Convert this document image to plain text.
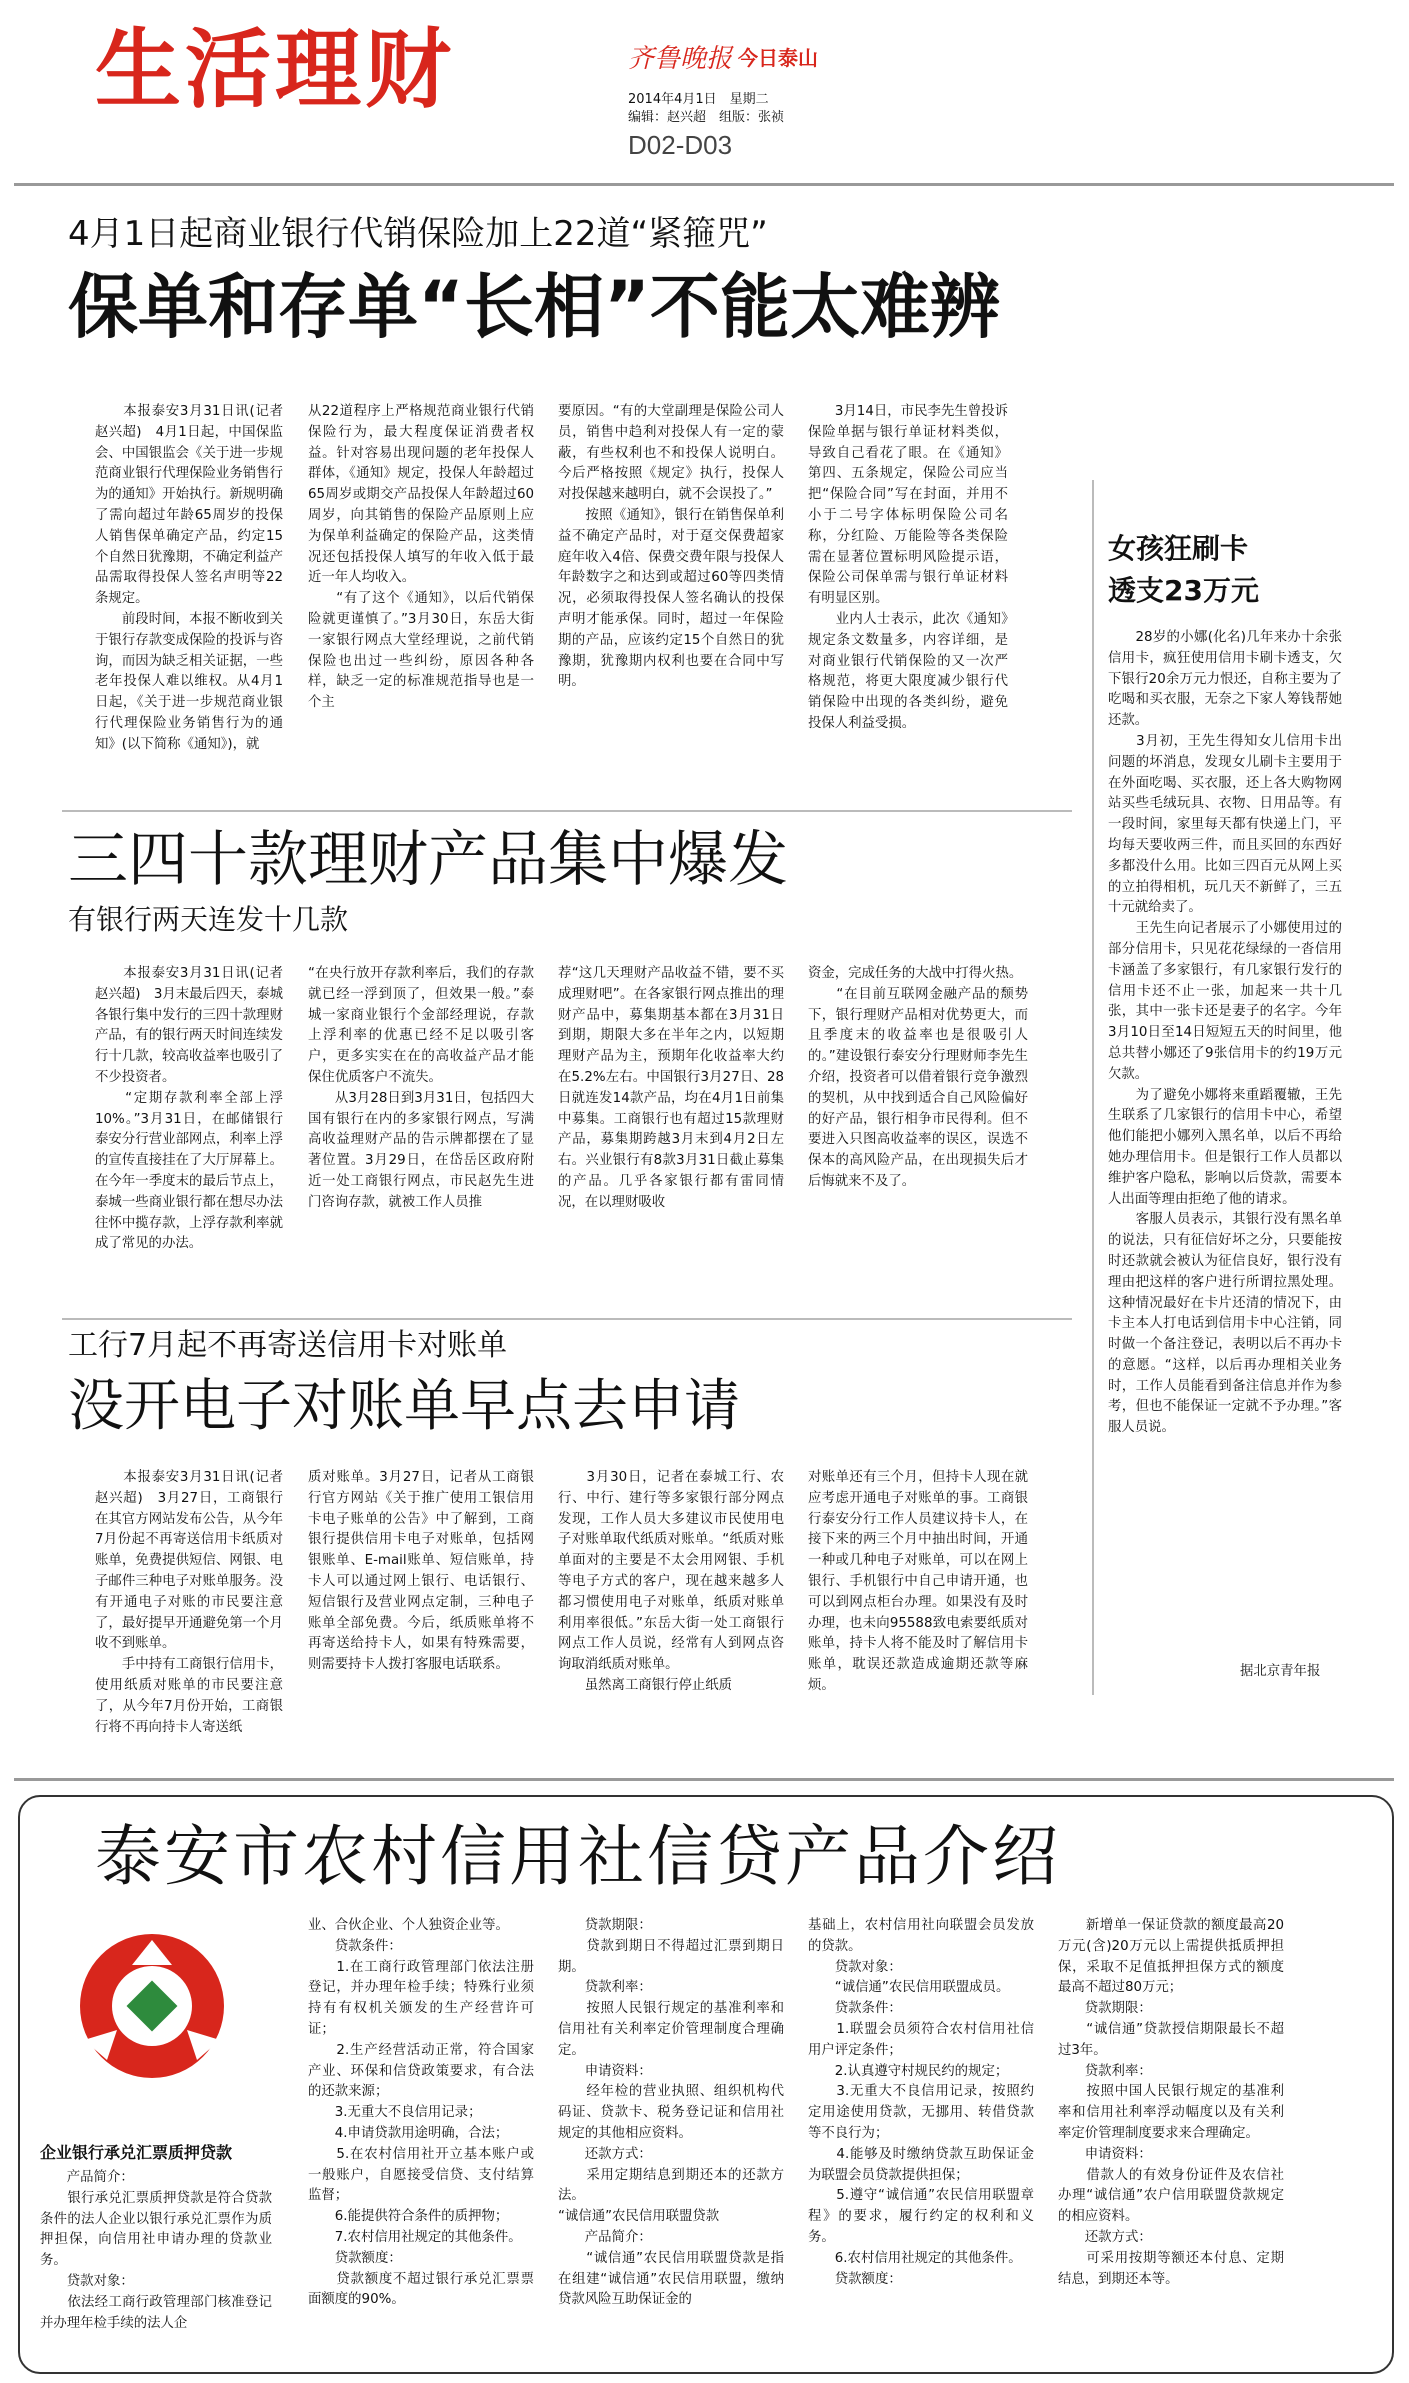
生活理财	齐鲁晚报 今日泰山
2014年4月1日　星期二
编辑：赵兴超　组版：张祯
D02-D03
4月1日起商业银行代销保险加上22道“紧箍咒”
保单和存单“长相”不能太难辨

　　本报泰安3月31日讯(记者 赵兴超)　4月1日起，中国保监会、中国银监会《关于进一步规范商业银行代理保险业务销售行为的通知》开始执行。新规明确了需向超过年龄65周岁的投保人销售保单确定产品，约定15个自然日犹豫期，不确定利益产品需取得投保人签名声明等22条规定。
　　前段时间，本报不断收到关于银行存款变成保险的投诉与咨询，而因为缺乏相关证据，一些老年投保人难以维权。从4月1日起，《关于进一步规范商业银行代理保险业务销售行为的通知》(以下简称《通知》)，就

从22道程序上严格规范商业银行代销保险行为，最大程度保证消费者权益。针对容易出现问题的老年投保人群体，《通知》规定，投保人年龄超过65周岁或期交产品投保人年龄超过60周岁，向其销售的保险产品原则上应为保单利益确定的保险产品，这类情况还包括投保人填写的年收入低于最近一年人均收入。
　　“有了这个《通知》，以后代销保险就更谨慎了。”3月30日，东岳大街一家银行网点大堂经理说，之前代销保险也出过一些纠纷，原因各种各样，缺乏一定的标准规范指导也是一个主

要原因。“有的大堂副理是保险公司人员，销售中趋利对投保人有一定的蒙蔽，有些权利也不和投保人说明白。今后严格按照《规定》执行，投保人对投保越来越明白，就不会误投了。”
　　按照《通知》，银行在销售保单利益不确定产品时，对于趸交保费超家庭年收入4倍、保费交费年限与投保人年龄数字之和达到或超过60等四类情况，必须取得投保人签名确认的投保声明才能承保。同时，超过一年保险期的产品，应该约定15个自然日的犹豫期，犹豫期内权利也要在合同中写明。

　　3月14日，市民李先生曾投诉保险单据与银行单证材料类似，导致自己看花了眼。在《通知》第四、五条规定，保险公司应当把“保险合同”写在封面，并用不小于二号字体标明保险公司名称，分红险、万能险等各类保险需在显著位置标明风险提示语，保险公司保单需与银行单证材料有明显区别。
　　业内人士表示，此次《通知》规定条文数量多，内容详细，是对商业银行代销保险的又一次严格规范，将更大限度减少银行代销保险中出现的各类纠纷，避免投保人利益受损。

女孩狂刷卡
透支23万元

　　28岁的小娜(化名)几年来办十余张信用卡，疯狂使用信用卡刷卡透支，欠下银行20余万元力恨还，自称主要为了吃喝和买衣服，无奈之下家人筹钱帮她还款。
　　3月初，王先生得知女儿信用卡出问题的坏消息，发现女儿刷卡主要用于在外面吃喝、买衣服，还上各大购物网站买些毛绒玩具、衣物、日用品等。有一段时间，家里每天都有快递上门，平均每天要收两三件，而且买回的东西好多都没什么用。比如三四百元从网上买的立拍得相机，玩几天不新鲜了，三五十元就给卖了。
　　王先生向记者展示了小娜使用过的部分信用卡，只见花花绿绿的一沓信用卡涵盖了多家银行，有几家银行发行的信用卡还不止一张，加起来一共十几张，其中一张卡还是妻子的名字。今年3月10日至14日短短五天的时间里，他总共替小娜还了9张信用卡的约19万元欠款。
　　为了避免小娜将来重蹈覆辙，王先生联系了几家银行的信用卡中心，希望他们能把小娜列入黑名单，以后不再给她办理信用卡。但是银行工作人员都以维护客户隐私，影响以后贷款，需要本人出面等理由拒绝了他的请求。
　　客服人员表示，其银行没有黑名单的说法，只有征信好坏之分，只要能按时还款就会被认为征信良好，银行没有理由把这样的客户进行所谓拉黑处理。这种情况最好在卡片还清的情况下，由卡主本人打电话到信用卡中心注销，同时做一个备注登记，表明以后不再办卡的意愿。“这样，以后再办理相关业务时，工作人员能看到备注信息并作为参考，但也不能保证一定就不予办理。”客服人员说。

据北京青年报
三四十款理财产品集中爆发
有银行两天连发十几款

　　本报泰安3月31日讯(记者 赵兴超)　3月末最后四天，泰城各银行集中发行的三四十款理财产品，有的银行两天时间连续发行十几款，较高收益率也吸引了不少投资者。
　　“定期存款利率全部上浮10%。”3月31日，在邮储银行泰安分行营业部网点，利率上浮的宣传直接挂在了大厅屏幕上。在今年一季度末的最后节点上，泰城一些商业银行都在想尽办法往怀中揽存款，上浮存款利率就成了常见的办法。

“在央行放开存款利率后，我们的存款就已经一浮到顶了，但效果一般。”泰城一家商业银行个金部经理说，存款上浮利率的优惠已经不足以吸引客户，更多实实在在的高收益产品才能保住优质客户不流失。
　　从3月28日到3月31日，包括四大国有银行在内的多家银行网点，写满高收益理财产品的告示牌都摆在了显著位置。3月29日，在岱岳区政府附近一处工商银行网点，市民赵先生进门咨询存款，就被工作人员推

荐“这几天理财产品收益不错，要不买成理财吧”。在各家银行网点推出的理财产品中，募集期基本都在3月31日到期，期限大多在半年之内，以短期理财产品为主，预期年化收益率大约在5.2%左右。中国银行3月27日、28日就连发14款产品，均在4月1日前集中募集。工商银行也有超过15款理财产品，募集期跨越3月末到4月2日左右。兴业银行有8款3月31日截止募集的产品。几乎各家银行都有雷同情况，在以理财吸收

资金，完成任务的大战中打得火热。
　　“在目前互联网金融产品的颓势下，银行理财产品相对优势更大，而且季度末的收益率也是很吸引人的。”建设银行泰安分行理财师李先生介绍，投资者可以借着银行竞争激烈的契机，从中找到适合自己风险偏好的好产品，银行相争市民得利。但不要进入只图高收益率的误区，误选不保本的高风险产品，在出现损失后才后悔就来不及了。

工行7月起不再寄送信用卡对账单
没开电子对账单早点去申请

　　本报泰安3月31日讯(记者 赵兴超)　3月27日，工商银行在其官方网站发布公告，从今年7月份起不再寄送信用卡纸质对账单，免费提供短信、网银、电子邮件三种电子对账单服务。没有开通电子对账的市民要注意了，最好提早开通避免第一个月收不到账单。
　　手中持有工商银行信用卡，使用纸质对账单的市民要注意了，从今年7月份开始，工商银行将不再向持卡人寄送纸

质对账单。3月27日，记者从工商银行官方网站《关于推广使用工银信用卡电子账单的公告》中了解到，工商银行提供信用卡电子对账单，包括网银账单、E-mail账单、短信账单，持卡人可以通过网上银行、电话银行、短信银行及营业网点定制，三种电子账单全部免费。今后，纸质账单将不再寄送给持卡人，如果有特殊需要，则需要持卡人拨打客服电话联系。

　　3月30日，记者在泰城工行、农行、中行、建行等多家银行部分网点发现，工作人员大多建议市民使用电子对账单取代纸质对账单。“纸质对账单面对的主要是不太会用网银、手机等电子方式的客户，现在越来越多人都习惯使用电子对账单，纸质对账单利用率很低。”东岳大街一处工商银行网点工作人员说，经常有人到网点咨询取消纸质对账单。
　　虽然离工商银行停止纸质

对账单还有三个月，但持卡人现在就应考虑开通电子对账单的事。工商银行泰安分行工作人员建议持卡人，在接下来的两三个月中抽出时间，开通一种或几种电子对账单，可以在网上银行、手机银行中自己申请开通，也可以到网点柜台办理。如果没有及时办理，也未向95588致电索要纸质对账单，持卡人将不能及时了解信用卡账单，耽误还款造成逾期还款等麻烦。

泰安市农村信用社信贷产品介绍
企业银行承兑汇票质押贷款

　　产品简介：
　　银行承兑汇票质押贷款是符合贷款条件的法人企业以银行承兑汇票作为质押担保，向信用社申请办理的贷款业务。
　　贷款对象：
　　依法经工商行政管理部门核准登记并办理年检手续的法人企

业、合伙企业、个人独资企业等。
　　贷款条件：
　　1.在工商行政管理部门依法注册登记，并办理年检手续；特殊行业须持有有权机关颁发的生产经营许可证；
　　2.生产经营活动正常，符合国家产业、环保和信贷政策要求，有合法的还款来源；
　　3.无重大不良信用记录；
　　4.申请贷款用途明确，合法；
　　5.在农村信用社开立基本账户或一般账户，自愿接受信贷、支付结算监督；
　　6.能提供符合条件的质押物；
　　7.农村信用社规定的其他条件。
　　贷款额度：
　　贷款额度不超过银行承兑汇票票面额度的90%。

　　贷款期限：
　　贷款到期日不得超过汇票到期日期。
　　贷款利率：
　　按照人民银行规定的基准利率和信用社有关利率定价管理制度合理确定。
　　申请资料：
　　经年检的营业执照、组织机构代码证、贷款卡、税务登记证和信用社规定的其他相应资料。
　　还款方式：
　　采用定期结息到期还本的还款方法。
“诚信通”农民信用联盟贷款
　　产品简介：
　　“诚信通”农民信用联盟贷款是指在组建“诚信通”农民信用联盟，缴纳贷款风险互助保证金的

基础上，农村信用社向联盟会员发放的贷款。
　　贷款对象：
　　“诚信通”农民信用联盟成员。
　　贷款条件：
　　1.联盟会员须符合农村信用社信用户评定条件；
　　2.认真遵守村规民约的规定；
　　3.无重大不良信用记录，按照约定用途使用贷款，无挪用、转借贷款等不良行为；
　　4.能够及时缴纳贷款互助保证金为联盟会员贷款提供担保；
　　5.遵守“诚信通”农民信用联盟章程》的要求，履行约定的权利和义务。
　　6.农村信用社规定的其他条件。
　　贷款额度：

　　新增单一保证贷款的额度最高20万元(含)20万元以上需提供抵质押担保，采取不足值抵押担保方式的额度最高不超过80万元；
　　贷款期限：
　　“诚信通”贷款授信期限最长不超过3年。
　　贷款利率：
　　按照中国人民银行规定的基准利率和信用社利率浮动幅度以及有关利率定价管理制度要求来合理确定。
　　申请资料：
　　借款人的有效身份证件及农信社办理“诚信通”农户信用联盟贷款规定的相应资料。
　　还款方式：
　　可采用按期等额还本付息、定期结息，到期还本等。
